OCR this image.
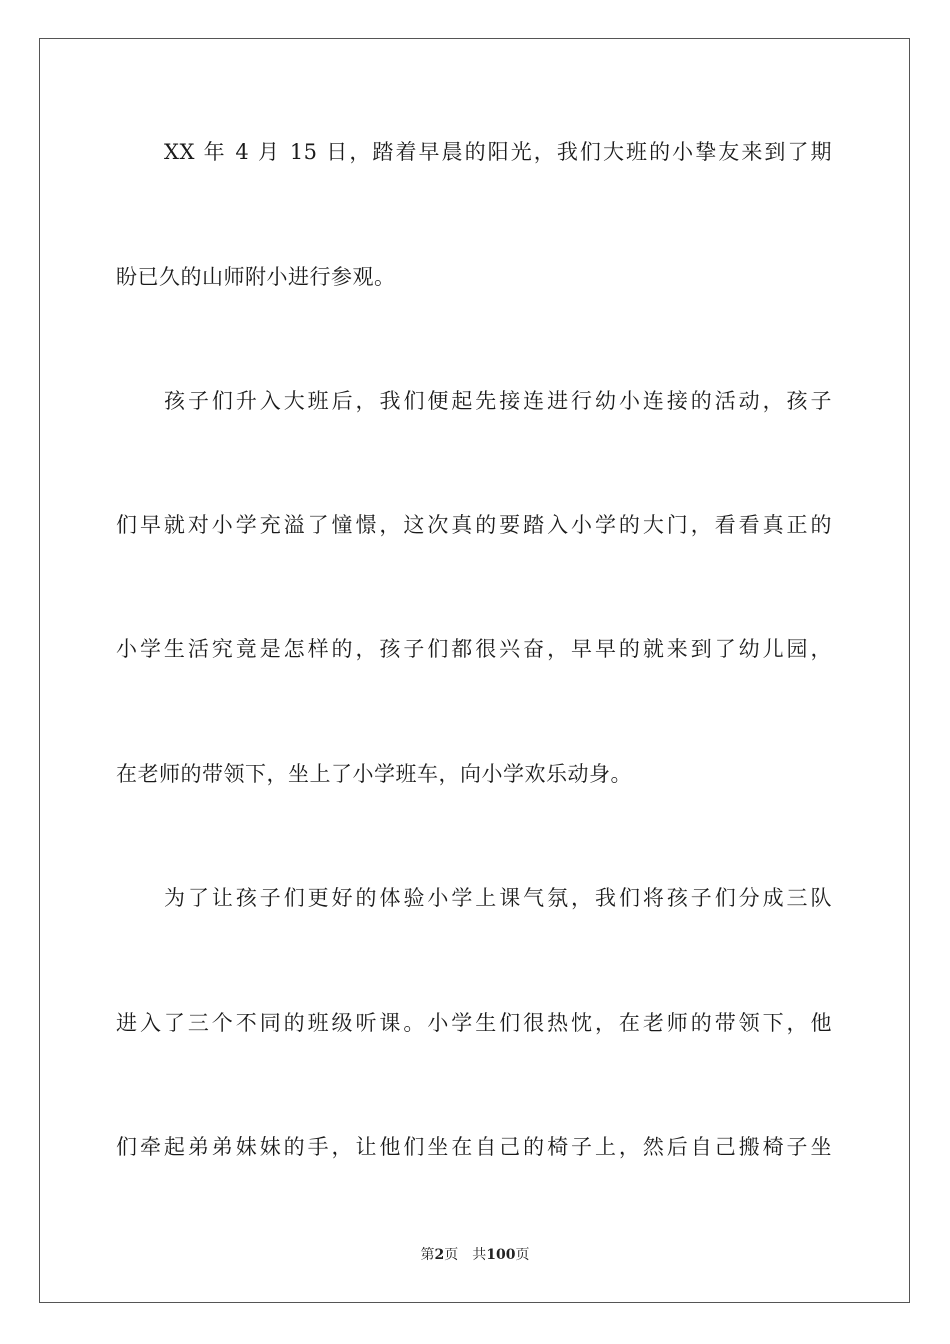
XX 年 4 月 15 日，踏着早晨的阳光，我们大班的小挚友来到了期
盼已久的山师附小进行参观。
孩子们升入大班后，我们便起先接连进行幼小连接的活动，孩子
们早就对小学充溢了憧憬，这次真的要踏入小学的大门，看看真正的
小学生活究竟是怎样的，孩子们都很兴奋，早早的就来到了幼儿园，
在老师的带领下，坐上了小学班车，向小学欢乐动身。
为了让孩子们更好的体验小学上课气氛，我们将孩子们分成三队
进入了三个不同的班级听课。小学生们很热忱，在老师的带领下，他
们牵起弟弟妹妹的手，让他们坐在自己的椅子上，然后自己搬椅子坐
第2页 共100页
